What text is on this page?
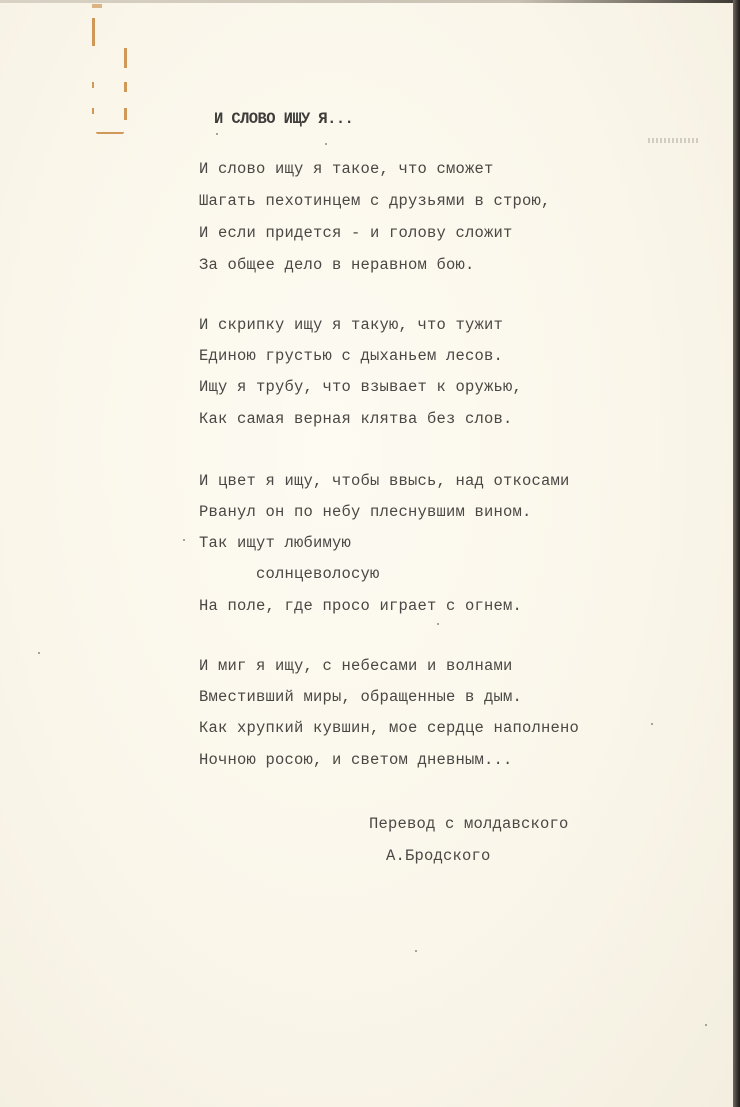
И СЛОВО ИЩУ Я...
И слово ищу я такое, что сможет
Шагать пехотинцем с друзьями в строю,
И если придется - и голову сложит
За общее дело в неравном бою.
И скрипку ищу я такую, что тужит
Единою грустью с дыханьем лесов.
Ищу я трубу, что взывает к оружью,
Как самая верная клятва без слов.
И цвет я ищу, чтобы ввысь, над откосами
Рванул он по небу плеснувшим вином.
Так ищут любимую
солнцеволосую
На поле, где просо играет с огнем.
И миг я ищу, с небесами и волнами
Вместивший миры, обращенные в дым.
Как хрупкий кувшин, мое сердце наполнено
Ночною росою, и светом дневным...
Перевод с молдавского
А.Бродского
